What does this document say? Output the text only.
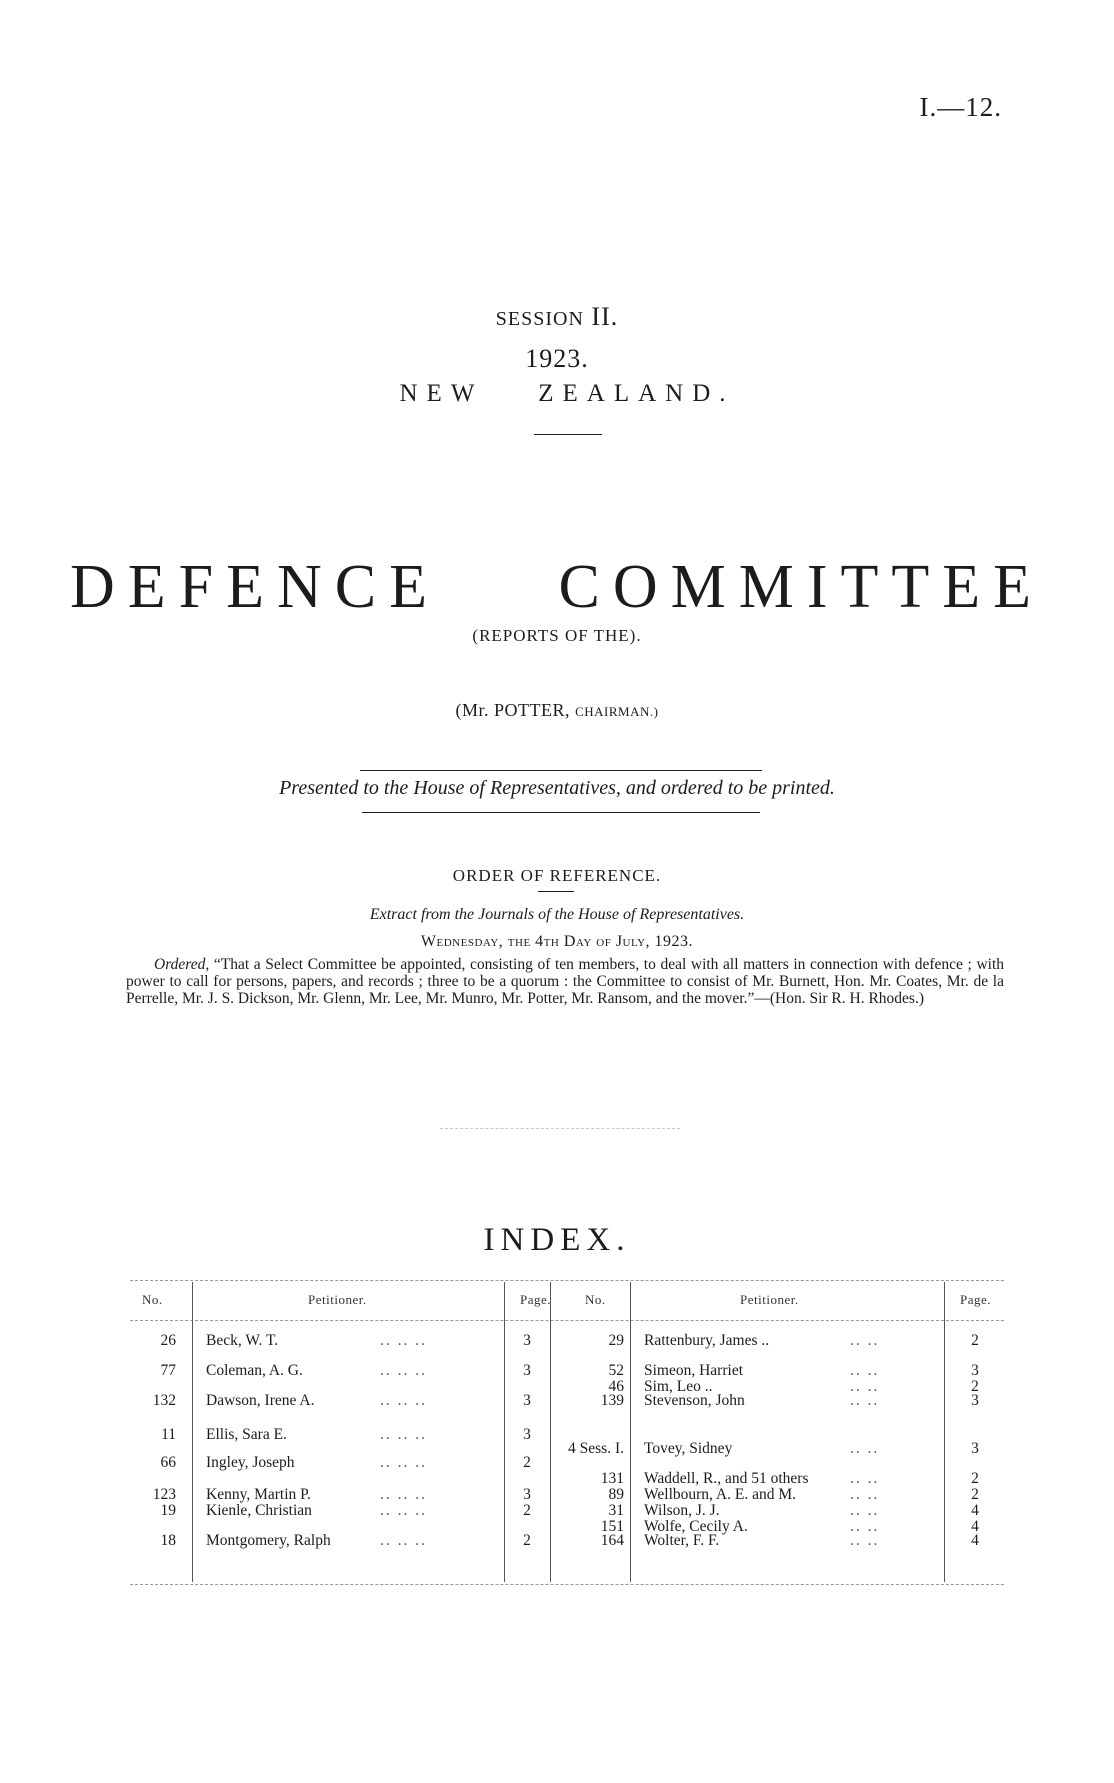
I.—12.
SESSION II.
1923.
NEW ZEALAND.
DEFENCE COMMITTEE
(REPORTS OF THE).
(Mr. POTTER, CHAIRMAN.)
Presented to the House of Representatives, and ordered to be printed.
ORDER OF REFERENCE.
Extract from the Journals of the House of Representatives.
Wednesday, the 4th Day of July, 1923.
Ordered, “That a Select Committee be appointed, consisting of ten members, to deal with all matters in connection with defence ; with power to call for persons, papers, and records ; three to be a quorum : the Committee to consist of Mr. Burnett, Hon. Mr. Coates, Mr. de la Perrelle, Mr. J. S. Dickson, Mr. Glenn, Mr. Lee, Mr. Munro, Mr. Potter, Mr. Ransom, and the mover.”—(Hon. Sir R. H. Rhodes.)
INDEX.
No.	Petitioner.	Page.	No.	Petitioner.	Page.
26 Beck, W. T.	.. .. ..	3
77 Coleman, A. G.	.. .. ..	3
132 Dawson, Irene A.	.. .. ..	3
11 Ellis, Sara E.	.. .. ..	3
66 Ingley, Joseph	.. .. ..	2
123 Kenny, Martin P.	.. .. ..	3
19 Kienle, Christian	.. .. ..	2
18 Montgomery, Ralph	.. .. ..	2
29 Rattenbury, James ..	.. ..	2
52 Simeon, Harriet	.. ..	3
46 Sim, Leo ..	.. ..	2
139 Stevenson, John	.. ..	3
4 Sess. I. Tovey, Sidney	.. ..	3
131 Waddell, R., and 51 others	.. ..	2
89 Wellbourn, A. E. and M.	.. ..	2
31 Wilson, J. J.	.. ..	4
151 Wolfe, Cecily A.	.. ..	4
164 Wolter, F. F.	.. ..	4
